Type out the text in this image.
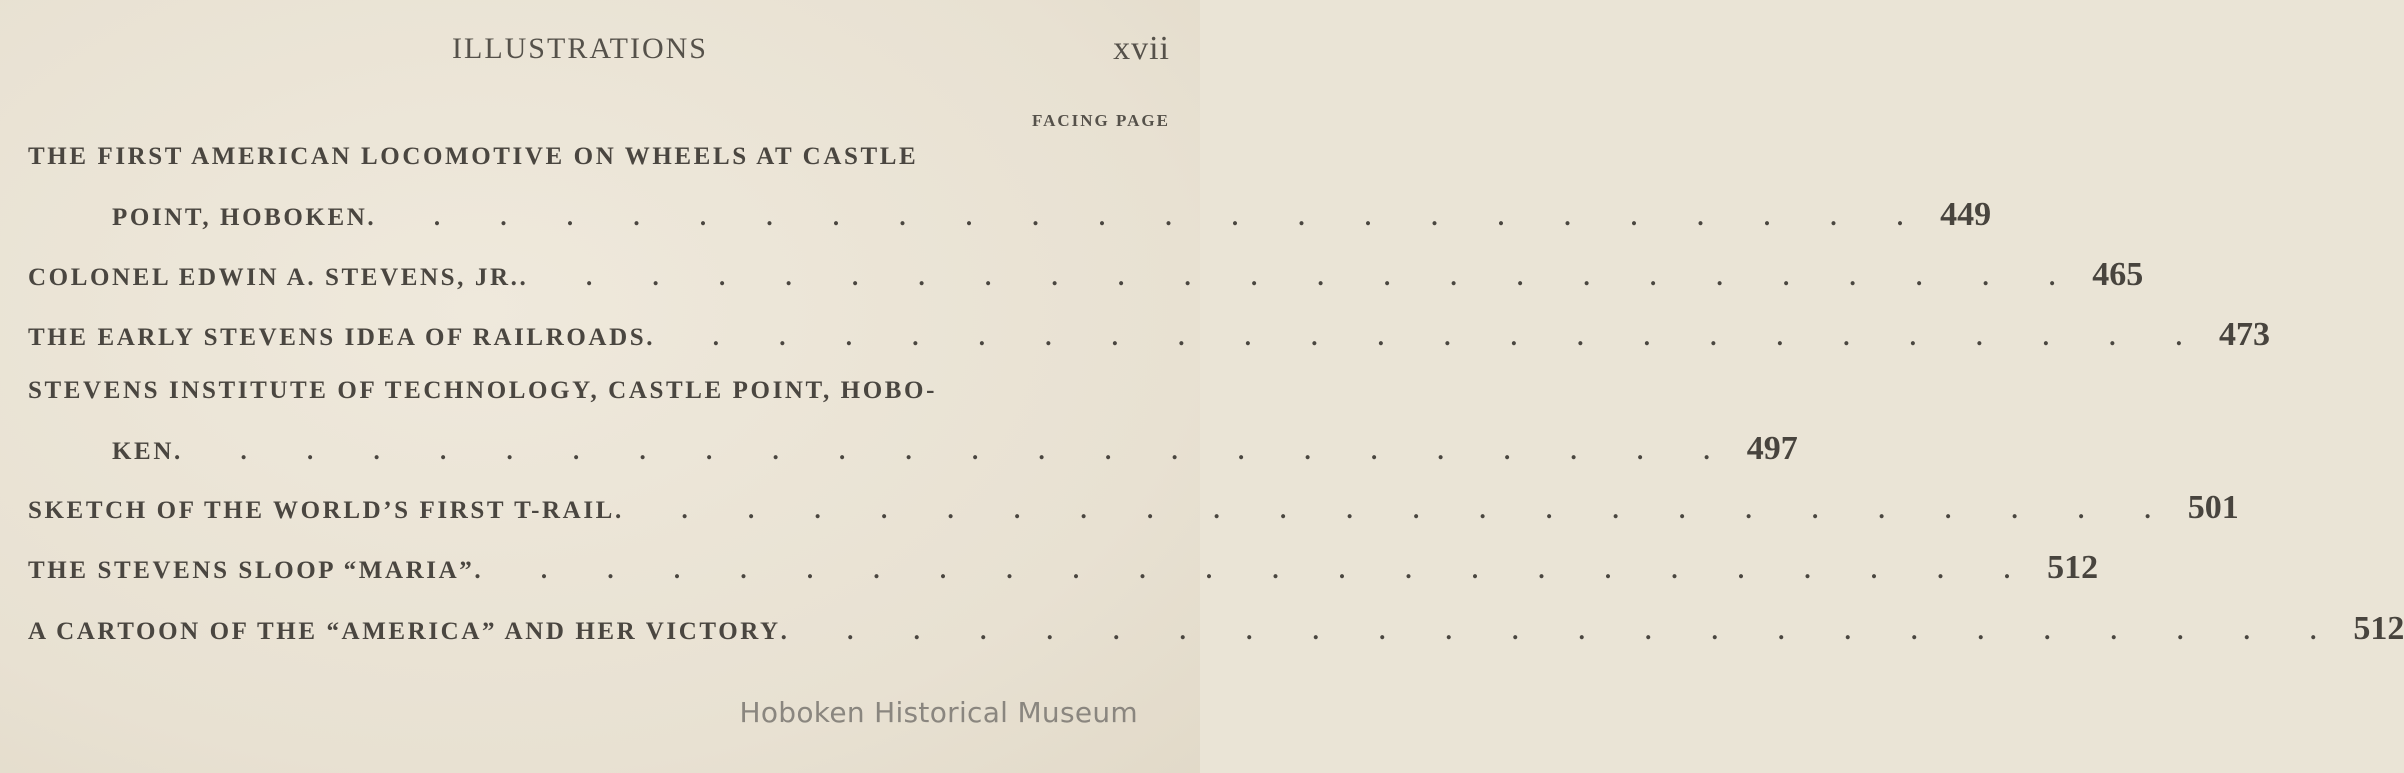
ILLUSTRATIONS	xvii
FACING PAGE
THE FIRST AMERICAN LOCOMOTIVE ON WHEELS AT CASTLE
POINT, HOBOKEN . . . . . . . . . . . . . . . . . . . . . . . . 449
COLONEL EDWIN A. STEVENS, JR. . . . . . . . . . . . . . . . . . . . . . . . . 465
THE EARLY STEVENS IDEA OF RAILROADS . . . . . . . . . . . . . . . . . . . . . . . . 473
STEVENS INSTITUTE OF TECHNOLOGY, CASTLE POINT, HOBO-
KEN . . . . . . . . . . . . . . . . . . . . . . . . 497
SKETCH OF THE WORLD’S FIRST T-RAIL . . . . . . . . . . . . . . . . . . . . . . . . 501
THE STEVENS SLOOP “MARIA” . . . . . . . . . . . . . . . . . . . . . . . . 512
A CARTOON OF THE “AMERICA” AND HER VICTORY . . . . . . . . . . . . . . . . . . . . . . . . 512
Hoboken Historical Museum
